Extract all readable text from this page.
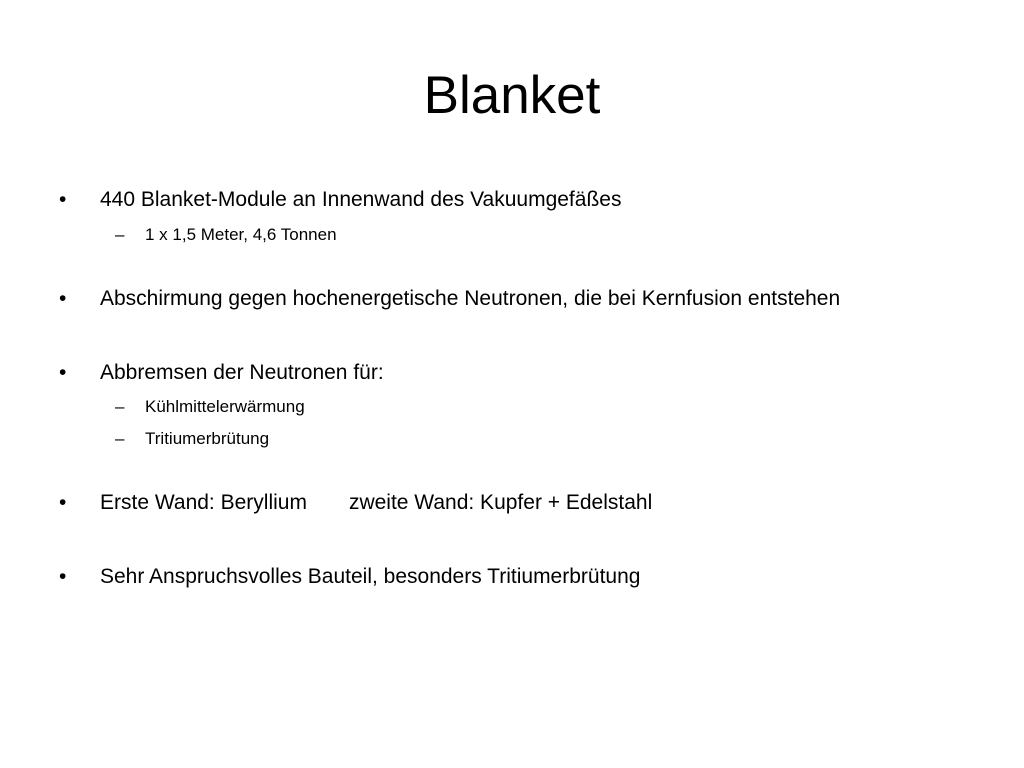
Blanket
• 440 Blanket-Module an Innenwand des Vakuumgefäßes
– 1 x 1,5 Meter, 4,6 Tonnen
• Abschirmung gegen hochenergetische Neutronen, die bei Kernfusion entstehen
• Abbremsen der Neutronen für:
– Kühlmittelerwärmung
– Tritiumerbrütung
• Erste Wand: Beryllium zweite Wand: Kupfer + Edelstahl
• Sehr Anspruchsvolles Bauteil, besonders Tritiumerbrütung
